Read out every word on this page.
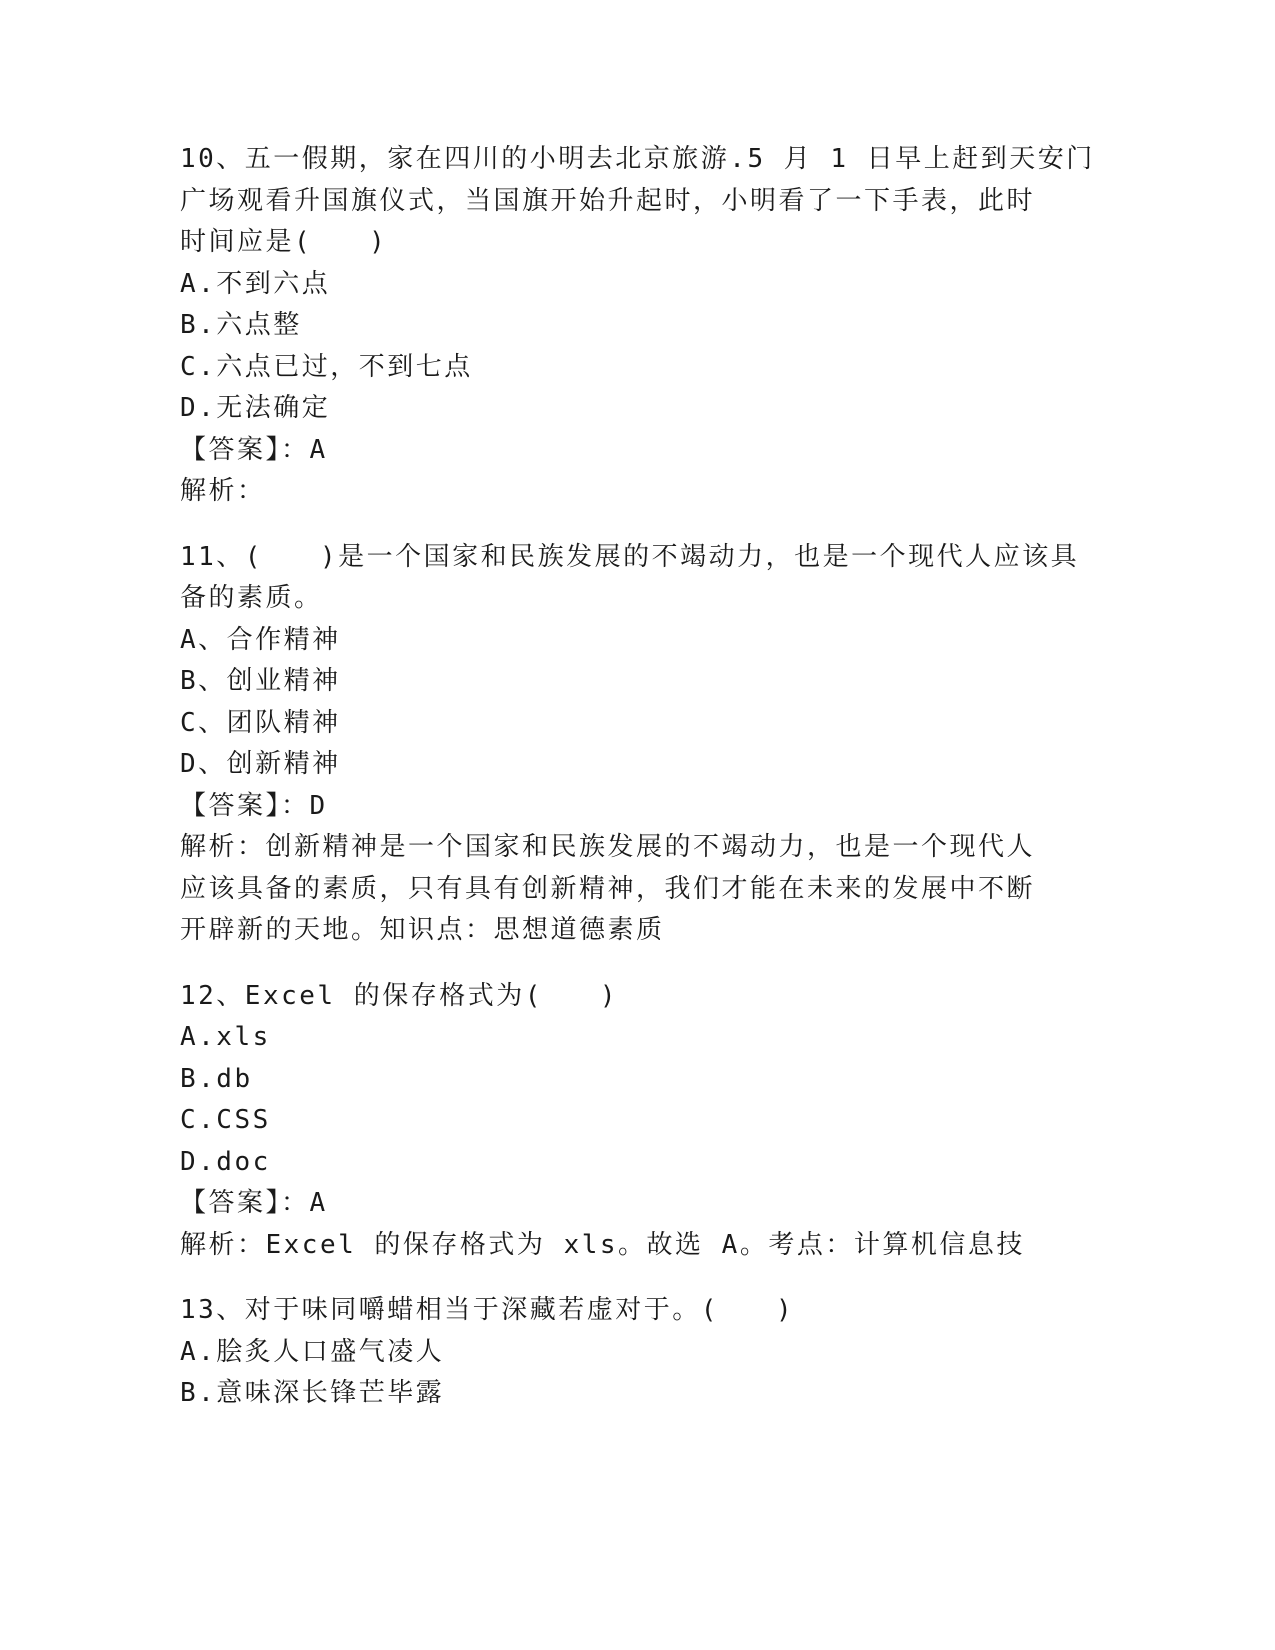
10、五一假期，家在四川的小明去北京旅游.5 月 1 日早上赶到天安门
广场观看升国旗仪式，当国旗开始升起时，小明看了一下手表，此时
时间应是(　　)
A.不到六点
B.六点整
C.六点已过，不到七点
D.无法确定
【答案】：A
解析：
11、(　　)是一个国家和民族发展的不竭动力，也是一个现代人应该具
备的素质。
A、合作精神
B、创业精神
C、团队精神
D、创新精神
【答案】：D
解析：创新精神是一个国家和民族发展的不竭动力，也是一个现代人
应该具备的素质，只有具有创新精神，我们才能在未来的发展中不断
开辟新的天地。知识点：思想道德素质
12、Excel 的保存格式为(　　)
A.xls
B.db
C.CSS
D.doc
【答案】：A
解析：Excel 的保存格式为 xls。故选 A。考点：计算机信息技
13、对于味同嚼蜡相当于深藏若虚对于。(　　)
A.脍炙人口盛气凌人
B.意味深长锋芒毕露
